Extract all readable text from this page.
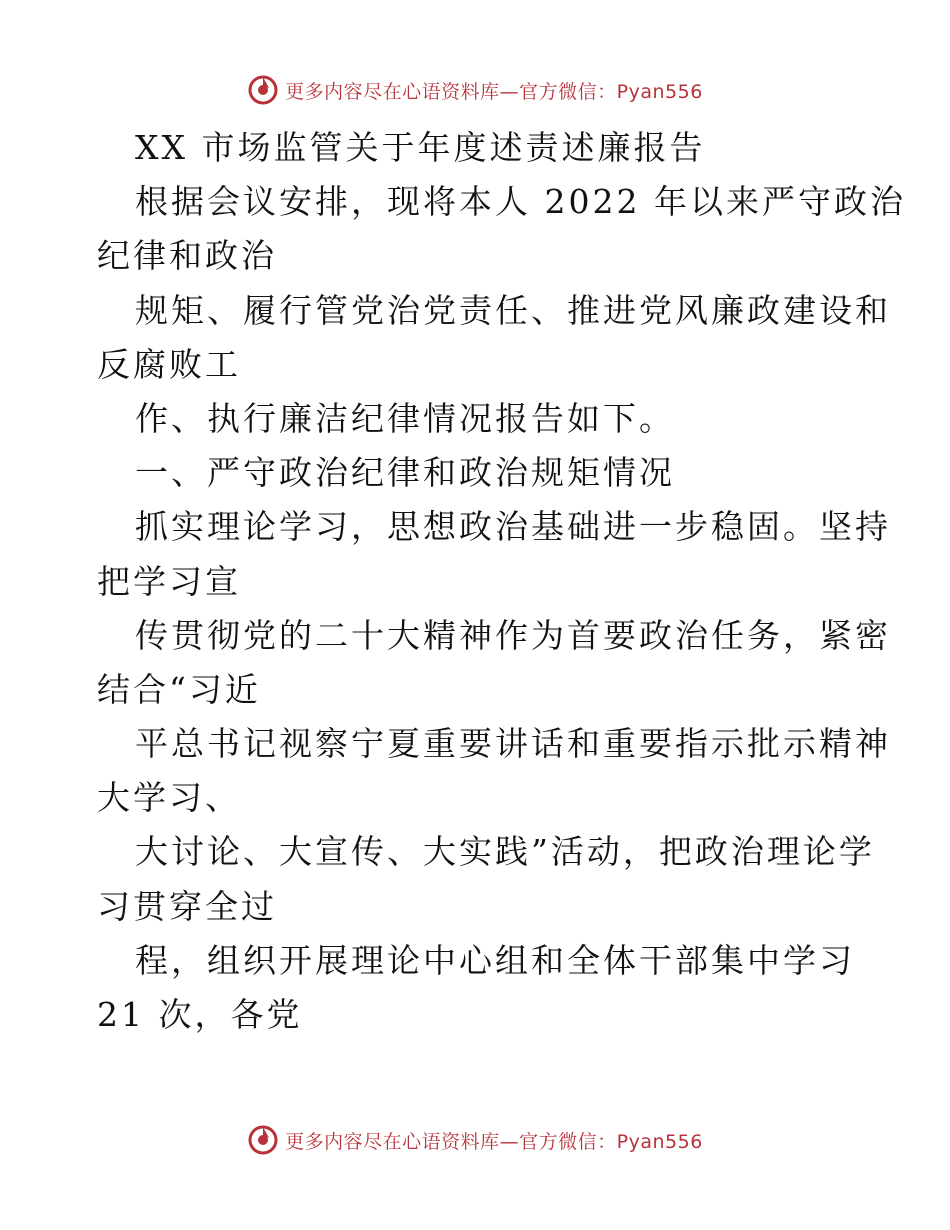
更多内容尽在心语资料库—官方微信：Pyan556
XX 市场监管关于年度述责述廉报告
根据会议安排，现将本人 2022 年以来严守政治
纪律和政治
规矩、履行管党治党责任、推进党风廉政建设和
反腐败工
作、执行廉洁纪律情况报告如下。
一、严守政治纪律和政治规矩情况
抓实理论学习，思想政治基础进一步稳固。坚持
把学习宣
传贯彻党的二十大精神作为首要政治任务，紧密
结合“习近
平总书记视察宁夏重要讲话和重要指示批示精神
大学习、
大讨论、大宣传、大实践”活动，把政治理论学
习贯穿全过
程，组织开展理论中心组和全体干部集中学习
21 次，各党
更多内容尽在心语资料库—官方微信：Pyan556
